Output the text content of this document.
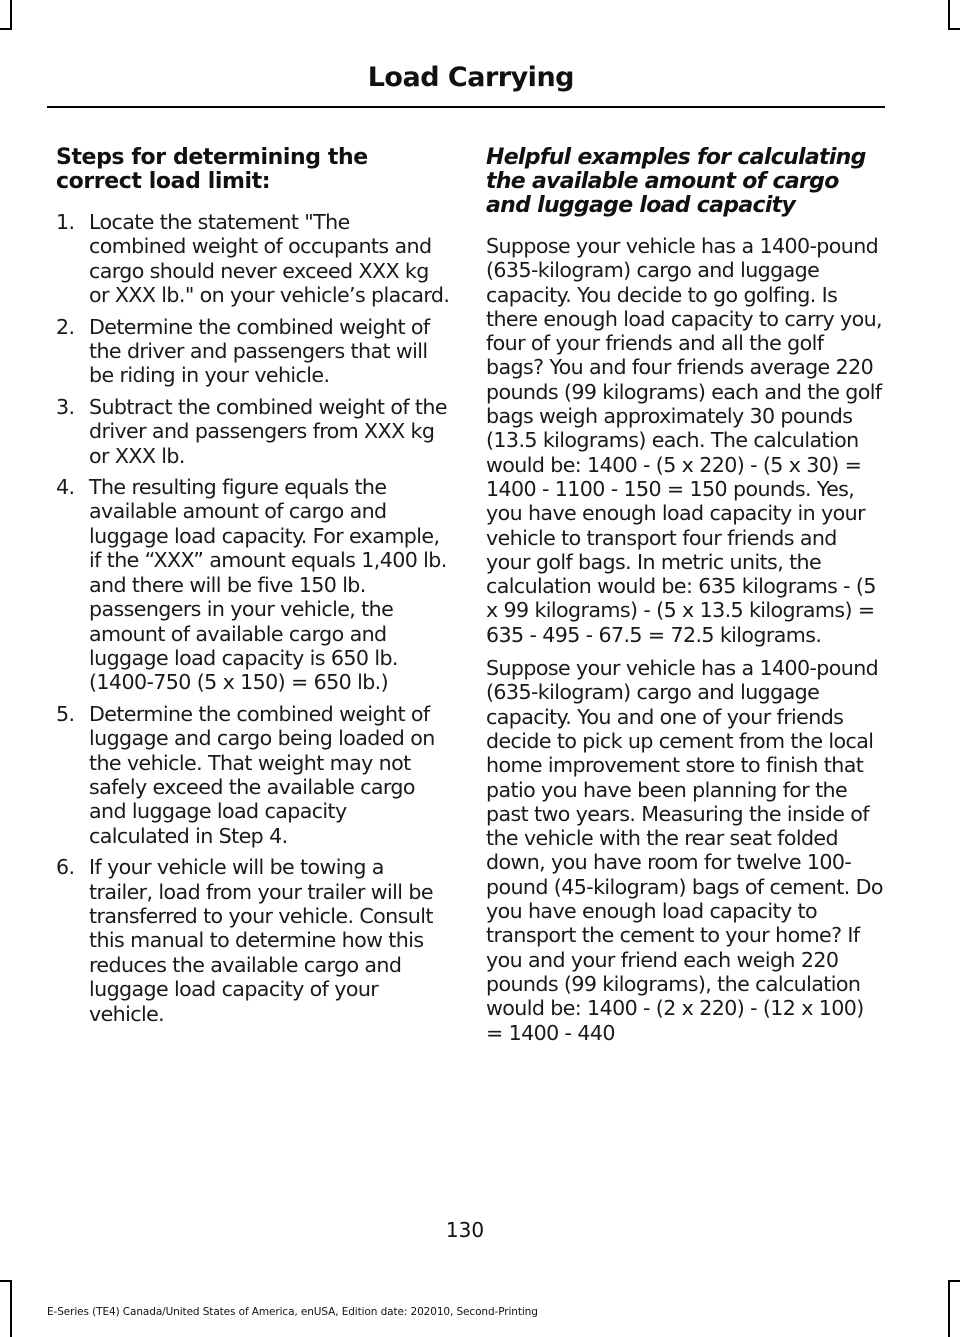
Load Carrying
Steps for determining the correct load limit:
1. Locate the statement "The combined weight of occupants and cargo should never exceed XXX kg or XXX lb." on your vehicle’s placard.
2. Determine the combined weight of the driver and passengers that will be riding in your vehicle.
3. Subtract the combined weight of the driver and passengers from XXX kg or XXX lb.
4. The resulting figure equals the available amount of cargo and luggage load capacity. For example, if the “XXX” amount equals 1,400 lb. and there will be five 150 lb. passengers in your vehicle, the amount of available cargo and luggage load capacity is 650 lb. (1400-750 (5 x 150) = 650 lb.)
5. Determine the combined weight of luggage and cargo being loaded on the vehicle. That weight may not safely exceed the available cargo and luggage load capacity calculated in Step 4.
6. If your vehicle will be towing a trailer, load from your trailer will be transferred to your vehicle. Consult this manual to determine how this reduces the available cargo and luggage load capacity of your vehicle.
Helpful examples for calculating the available amount of cargo and luggage load capacity

Suppose your vehicle has a 1400-pound (635-kilogram) cargo and luggage capacity. You decide to go golfing. Is there enough load capacity to carry you, four of your friends and all the golf bags? You and four friends average 220 pounds (99 kilograms) each and the golf bags weigh approximately 30 pounds (13.5 kilograms) each. The calculation would be: 1400 - (5 x 220) - (5 x 30) = 1400 - 1100 - 150 = 150 pounds. Yes, you have enough load capacity in your vehicle to transport four friends and your golf bags. In metric units, the calculation would be: 635 kilograms - (5 x 99 kilograms) - (5 x 13.5 kilograms) = 635 - 495 - 67.5 = 72.5 kilograms.

Suppose your vehicle has a 1400-pound (635-kilogram) cargo and luggage capacity. You and one of your friends decide to pick up cement from the local home improvement store to finish that patio you have been planning for the past two years. Measuring the inside of the vehicle with the rear seat folded down, you have room for twelve 100-pound (45-kilogram) bags of cement. Do you have enough load capacity to transport the cement to your home? If you and your friend each weigh 220 pounds (99 kilograms), the calculation would be: 1400 - (2 x 220) - (12 x 100) = 1400 - 440

130
E-Series (TE4) Canada/United States of America, enUSA, Edition date: 202010, Second-Printing
